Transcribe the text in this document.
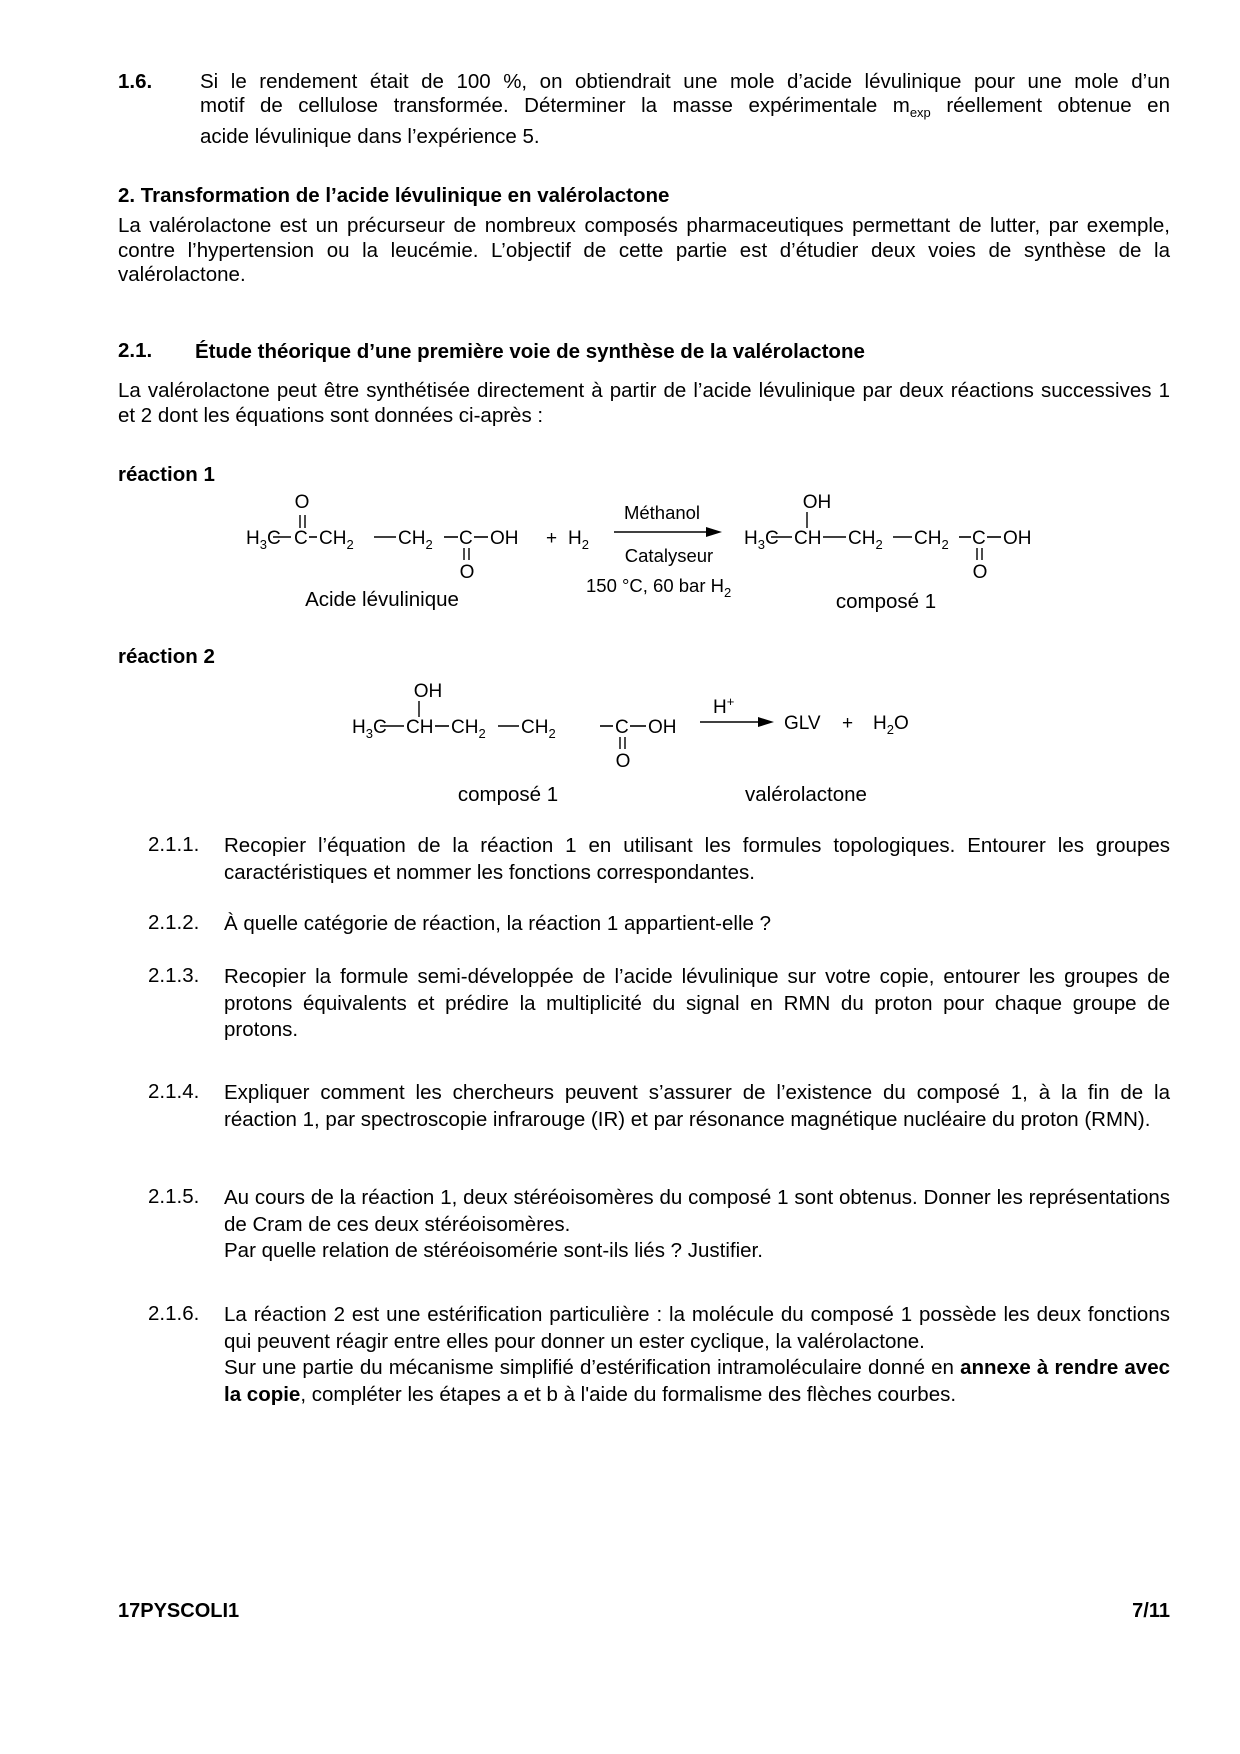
1.6. Si le rendement était de 100 %, on obtiendrait une mole d’acide lévulinique pour une mole d’un
motif de cellulose transformée. Déterminer la masse expérimentale $m_{exp}$ réellement obtenue en
acide lévulinique dans l’expérience 5.
2. Transformation de l’acide lévulinique en valérolactone
La valérolactone est un précurseur de nombreux composés pharmaceutiques permettant de lutter, par exemple, contre l’hypertension ou la leucémie. L’objectif de cette partie est d’étudier deux voies de synthèse de la valérolactone.
2.1. Étude théorique d’une première voie de synthèse de la valérolactone
La valérolactone peut être synthétisée directement à partir de l’acide lévulinique par deux réactions successives 1 et 2 dont les équations sont données ci-après :
réaction 1
réaction 2
$H_3C$ C
O
$CH_2$ $CH_2$ C OH
O
+ $H_2$
Méthanol
Catalyseur
150 °C, 60 bar $H_2$
$H_3C$ CH
OH
$CH_2$ $CH_2$ C OH
O
Acide lévulinique	composé 1
$H_3C$ CH
OH
$CH_2$ $CH_2$	C OH
O
H+
GLV + $H_2O$
composé 1	valérolactone
2.1.1. Recopier l’équation de la réaction 1 en utilisant les formules topologiques. Entourer les groupes caractéristiques et nommer les fonctions correspondantes.
2.1.2. À quelle catégorie de réaction, la réaction 1 appartient-elle ?
2.1.3. Recopier la formule semi-développée de l’acide lévulinique sur votre copie, entourer les groupes de protons équivalents et prédire la multiplicité du signal en RMN du proton pour chaque groupe de protons.
2.1.4. Expliquer comment les chercheurs peuvent s’assurer de l’existence du composé 1, à la fin de la réaction 1, par spectroscopie infrarouge (IR) et par résonance magnétique nucléaire du proton (RMN).
2.1.5. Au cours de la réaction 1, deux stéréoisomères du composé 1 sont obtenus. Donner les représentations de Cram de ces deux stéréoisomères.
Par quelle relation de stéréoisomérie sont-ils liés ? Justifier.
2.1.6. La réaction 2 est une estérification particulière : la molécule du composé 1 possède les deux fonctions qui peuvent réagir entre elles pour donner un ester cyclique, la valérolactone.
Sur une partie du mécanisme simplifié d’estérification intramoléculaire donné en annexe à rendre avec la copie, compléter les étapes a et b à l'aide du formalisme des flèches courbes.
17PYSCOLI1	7/11
